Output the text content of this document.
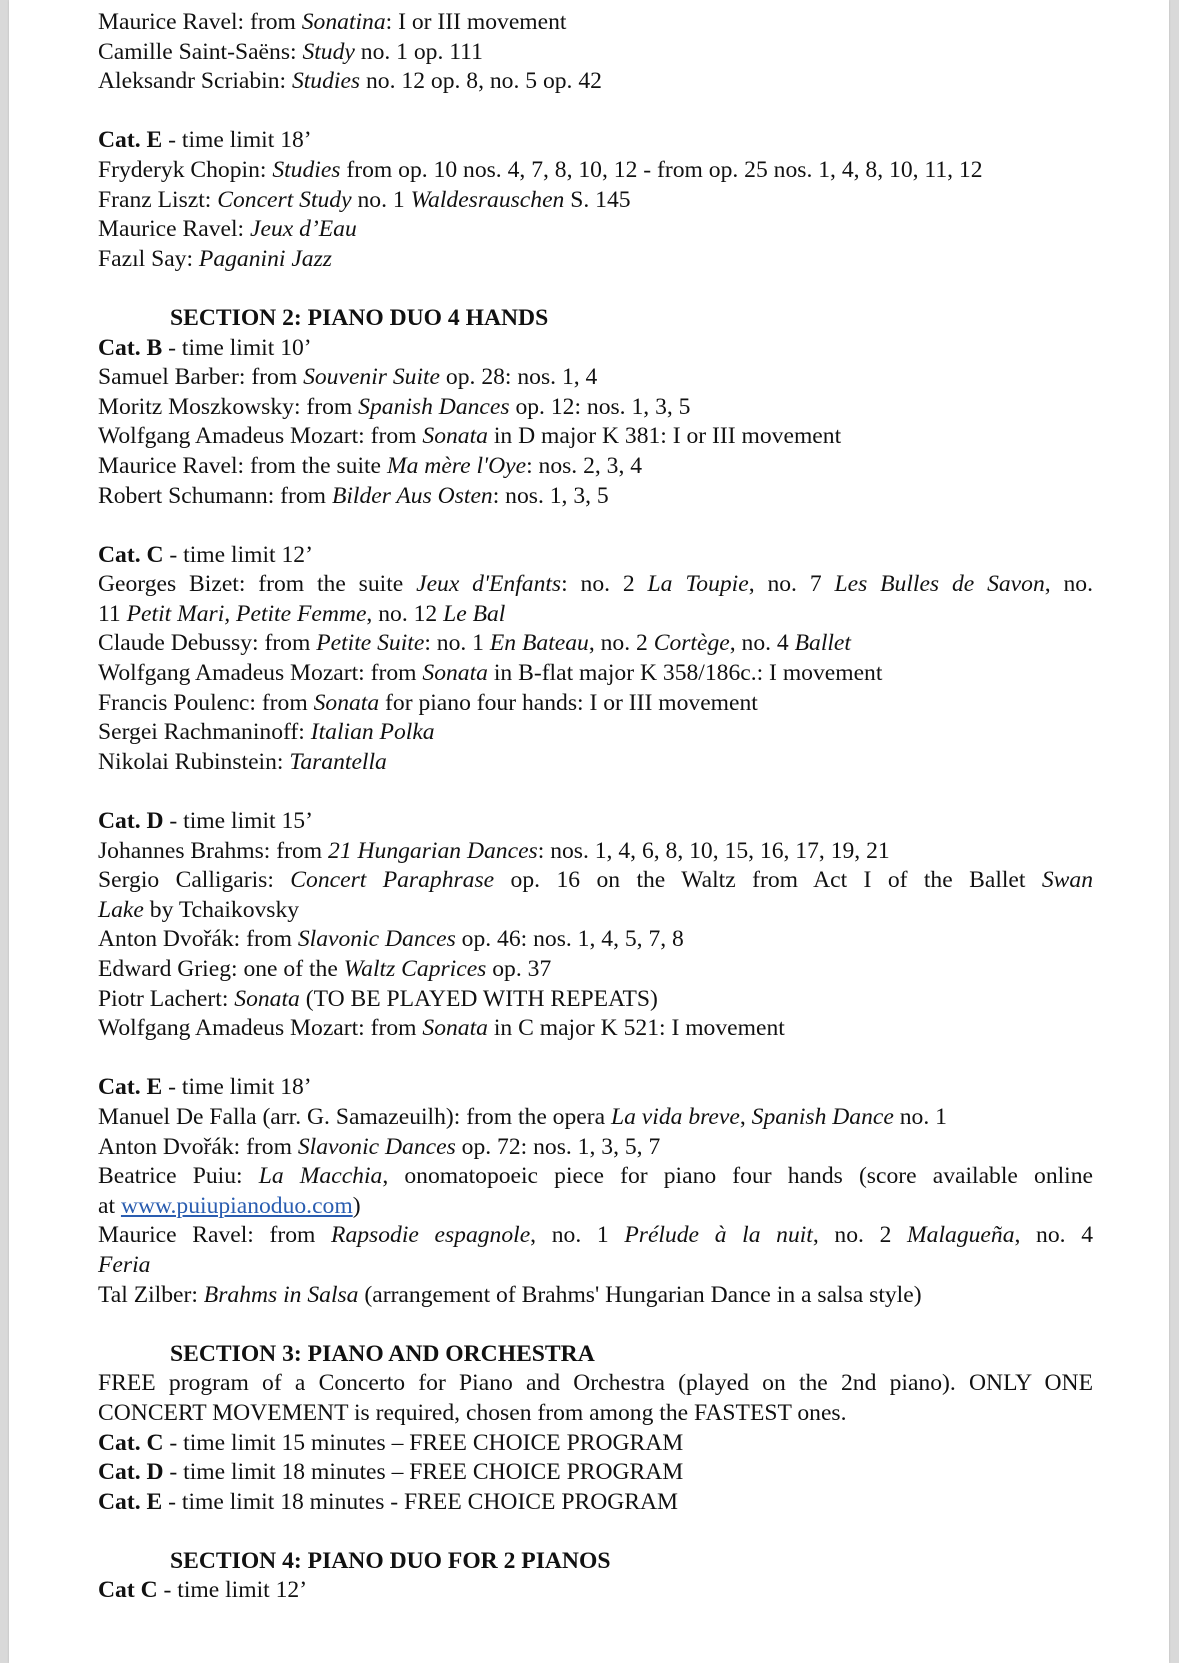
Maurice Ravel: from Sonatina: I or III movement
Camille Saint-Saëns: Study no. 1 op. 111
Aleksandr Scriabin: Studies no. 12 op. 8, no. 5 op. 42
Cat. E - time limit 18’
Fryderyk Chopin: Studies from op. 10 nos. 4, 7, 8, 10, 12 - from op. 25 nos. 1, 4, 8, 10, 11, 12
Franz Liszt: Concert Study no. 1 Waldesrauschen S. 145
Maurice Ravel: Jeux d’Eau
Fazıl Say: Paganini Jazz
SECTION 2: PIANO DUO 4 HANDS
Cat. B - time limit 10’
Samuel Barber: from Souvenir Suite op. 28: nos. 1, 4
Moritz Moszkowsky: from Spanish Dances op. 12: nos. 1, 3, 5
Wolfgang Amadeus Mozart: from Sonata in D major K 381: I or III movement
Maurice Ravel: from the suite Ma mère l'Oye: nos. 2, 3, 4
Robert Schumann: from Bilder Aus Osten: nos. 1, 3, 5
Cat. C - time limit 12’
Georges Bizet: from the suite Jeux d'Enfants: no. 2 La Toupie, no. 7 Les Bulles de Savon, no.
11 Petit Mari, Petite Femme, no. 12 Le Bal
Claude Debussy: from Petite Suite: no. 1 En Bateau, no. 2 Cortège, no. 4 Ballet
Wolfgang Amadeus Mozart: from Sonata in B-flat major K 358/186c.: I movement
Francis Poulenc: from Sonata for piano four hands: I or III movement
Sergei Rachmaninoff: Italian Polka
Nikolai Rubinstein: Tarantella
Cat. D - time limit 15’
Johannes Brahms: from 21 Hungarian Dances: nos. 1, 4, 6, 8, 10, 15, 16, 17, 19, 21
Sergio Calligaris: Concert Paraphrase op. 16 on the Waltz from Act I of the Ballet Swan
Lake by Tchaikovsky
Anton Dvořák: from Slavonic Dances op. 46: nos. 1, 4, 5, 7, 8
Edward Grieg: one of the Waltz Caprices op. 37
Piotr Lachert: Sonata (TO BE PLAYED WITH REPEATS)
Wolfgang Amadeus Mozart: from Sonata in C major K 521: I movement
Cat. E - time limit 18’
Manuel De Falla (arr. G. Samazeuilh): from the opera La vida breve, Spanish Dance no. 1
Anton Dvořák: from Slavonic Dances op. 72: nos. 1, 3, 5, 7
Beatrice Puiu: La Macchia, onomatopoeic piece for piano four hands (score available online
at www.puiupianoduo.com)
Maurice Ravel: from Rapsodie espagnole, no. 1 Prélude à la nuit, no. 2 Malagueña, no. 4
Feria
Tal Zilber: Brahms in Salsa (arrangement of Brahms' Hungarian Dance in a salsa style)
SECTION 3: PIANO AND ORCHESTRA
FREE program of a Concerto for Piano and Orchestra (played on the 2nd piano). ONLY ONE
CONCERT MOVEMENT is required, chosen from among the FASTEST ones.
Cat. C - time limit 15 minutes – FREE CHOICE PROGRAM
Cat. D - time limit 18 minutes – FREE CHOICE PROGRAM
Cat. E - time limit 18 minutes - FREE CHOICE PROGRAM
SECTION 4: PIANO DUO FOR 2 PIANOS
Cat C - time limit 12’
